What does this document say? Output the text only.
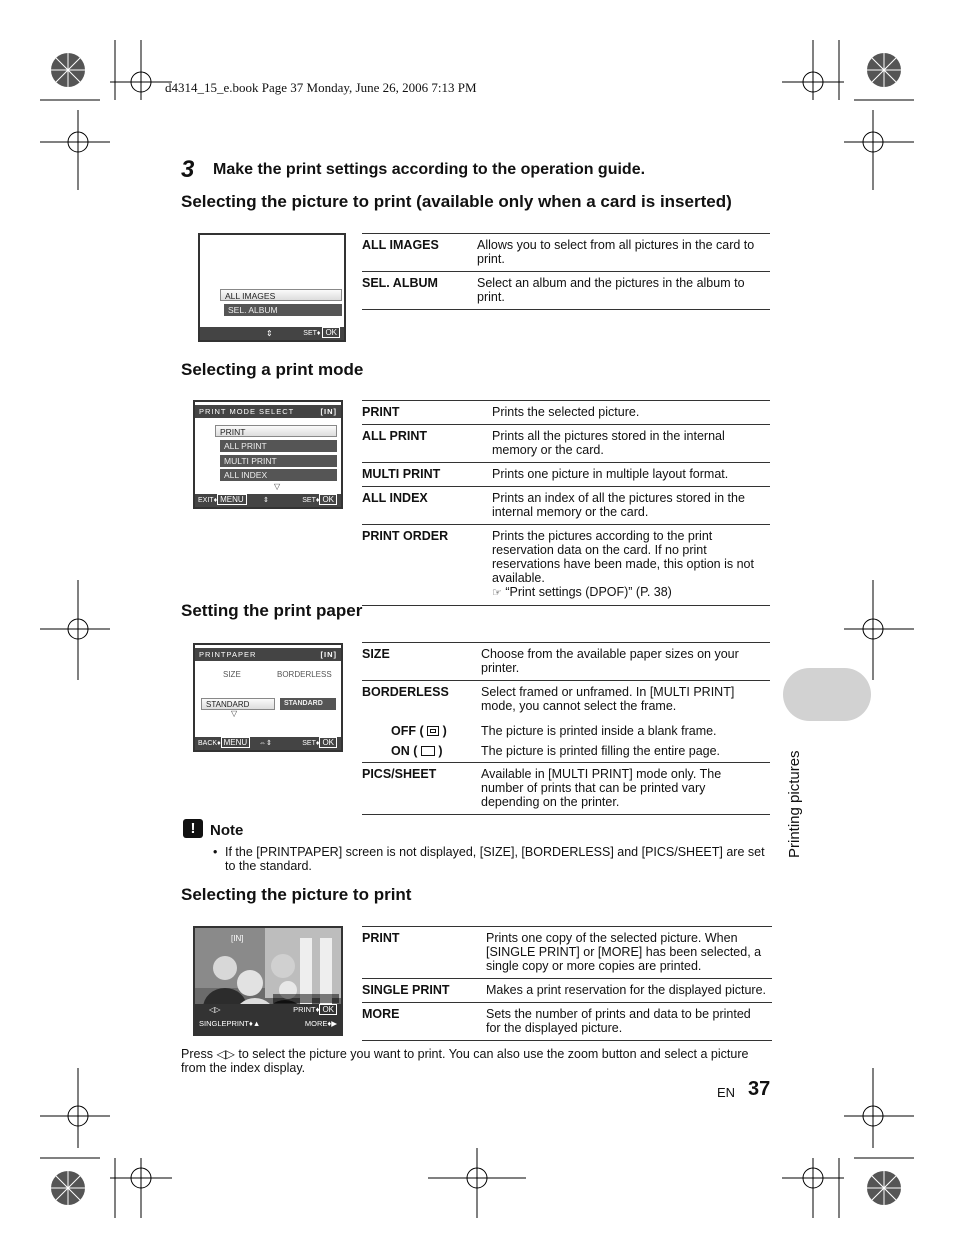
d4314_15_e.book Page 37 Monday, June 26, 2006 7:13 PM
3 Make the print settings according to the operation guide.
Selecting the picture to print (available only when a card is inserted)
ALL IMAGES
SEL. ALBUM
⇕	SET♦ OK
ALL IMAGES	Allows you to select from all pictures in the card to print.
SEL. ALBUM	Select an album and the pictures in the album to print.
Selecting a print mode
PRINT MODE SELECT	[IN]
PRINT
ALL PRINT
MULTI PRINT
ALL INDEX
▽
EXIT♦ MENU	⇕	SET♦ OK
PRINT	Prints the selected picture.
ALL PRINT	Prints all the pictures stored in the internal memory or the card.
MULTI PRINT	Prints one picture in multiple layout format.
ALL INDEX	Prints an index of all the pictures stored in the internal memory or the card.
PRINT ORDER	Prints the pictures according to the print reservation data on the card. If no print reservations have been made, this option is not available.
☞ “Print settings (DPOF)” (P. 38)
Setting the print paper
PRINTPAPER	[IN]
SIZE	BORDERLESS
STANDARD	STANDARD
▽
BACK♦ MENU	⇔⇕	SET♦ OK
SIZE	Choose from the available paper sizes on your printer.
BORDERLESS	Select framed or unframed. In [MULTI PRINT] mode, you cannot select the frame.
OFF ( )	The picture is printed inside a blank frame.
ON ( )	The picture is printed filling the entire page.
PICS/SHEET	Available in [MULTI PRINT] mode only. The number of prints that can be printed vary depending on the printer.
! Note
• If the [PRINTPAPER] screen is not displayed, [SIZE], [BORDERLESS] and [PICS/SHEET] are set to the standard.
Selecting the picture to print
[IN]
◁▷	PRINT♦ OK
SINGLEPRINT♦▲	MORE♦▶
PRINT	Prints one copy of the selected picture. When [SINGLE PRINT] or [MORE] has been selected, a single copy or more copies are printed.
SINGLE PRINT	Makes a print reservation for the displayed picture.
MORE	Sets the number of prints and data to be printed for the displayed picture.
Press ◁▷ to select the picture you want to print. You can also use the zoom button and select a picture from the index display.
Printing pictures
EN 37
